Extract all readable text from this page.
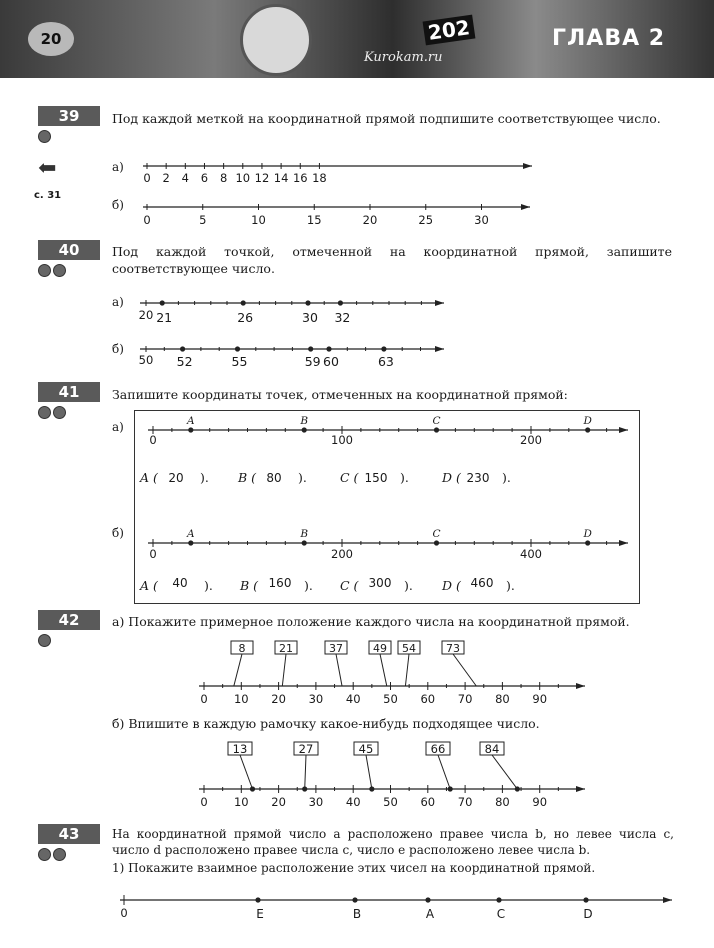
20	202
Kurokam.ru
ГЛАВА 2
39
⬅
с. 31
Под каждой меткой на координатной прямой подпишите соответствующее число.
а)
б)
40	Под каждой точкой, отмеченной на координатной прямой, запишите соответствующее число.
а)
б)
41	Запишите координаты точек, отмеченных на координатной прямой:
а)
б)
42	а) Покажите примерное положение каждого числа на координатной прямой.
б) Впишите в каждую рамочку какое-нибудь подходящее число.
43	На координатной прямой число a расположено правее числа b, но левее числа c, число d расположено правее числа c, число e расположено левее числа b.
1) Покажите взаимное расположение этих чисел на координатной прямой.
0 2 4 6 8 10 12 14 16 18
0	5	10	15	20	25	30
20 21	26	30 32
50 52	55	59 60	63
0	100	200
A	B	C	D
A ( 20 ). B ( 80 ).	C ( 150 ).	D ( 230 ).
0	200	400
A	B	C	D
A ( 40 ). B ( 160 ). C ( 300 ). D ( 460 ).
0 10 20 30 40 50 60 70 80 90
8	21	37	49 54	73
0 10 20 30 40 50 60 70 80 90
13	27	45	66	84
0	E	B	A	C	D
